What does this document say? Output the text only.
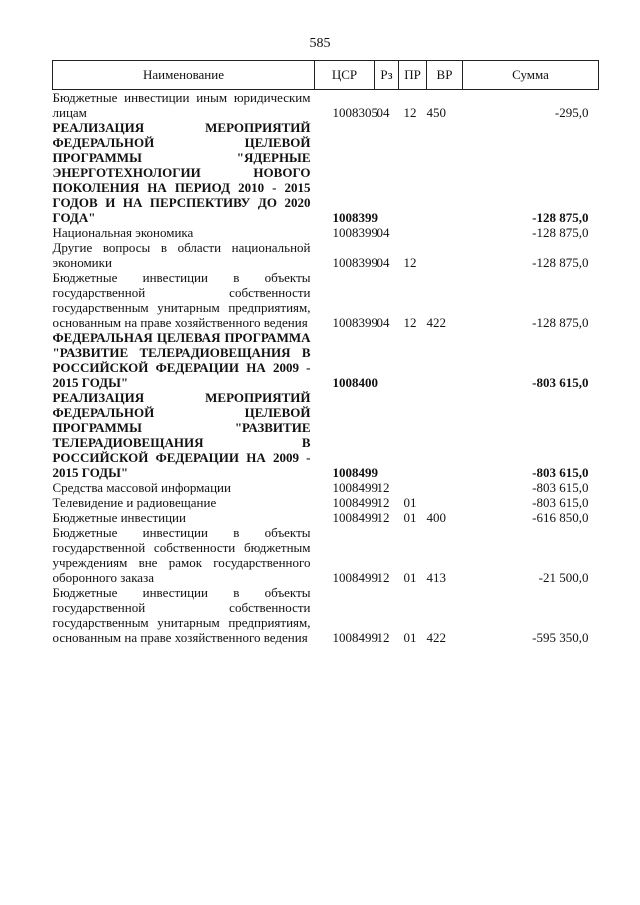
585
Наименование	ЦСР	Рз	ПР	ВР	Сумма

Бюджетные инвестиции иным юридическим лицам	1008305	04	12	450	-295,0

РЕАЛИЗАЦИЯ МЕРОПРИЯТИЙ ФЕДЕРАЛЬНОЙ ЦЕЛЕВОЙ ПРОГРАММЫ "ЯДЕРНЫЕ ЭНЕРГОТЕХНОЛОГИИ НОВОГО ПОКОЛЕНИЯ НА ПЕРИОД 2010 - 2015 ГОДОВ И НА ПЕРСПЕКТИВУ ДО 2020 ГОДА"	1008399				-128 875,0

Национальная экономика	1008399	04			-128 875,0

Другие вопросы в области национальной экономики	1008399	04	12		-128 875,0

Бюджетные инвестиции в объекты государственной собственности государственным унитарным предприятиям, основанным на праве хозяйственного ведения	1008399	04	12	422	-128 875,0

ФЕДЕРАЛЬНАЯ ЦЕЛЕВАЯ ПРОГРАММА "РАЗВИТИЕ ТЕЛЕРАДИОВЕЩАНИЯ В РОССИЙСКОЙ ФЕДЕРАЦИИ НА 2009 - 2015 ГОДЫ"	1008400				-803 615,0

РЕАЛИЗАЦИЯ МЕРОПРИЯТИЙ ФЕДЕРАЛЬНОЙ ЦЕЛЕВОЙ ПРОГРАММЫ "РАЗВИТИЕ ТЕЛЕРАДИОВЕЩАНИЯ В РОССИЙСКОЙ ФЕДЕРАЦИИ НА 2009 - 2015 ГОДЫ"	1008499				-803 615,0

Средства массовой информации	1008499	12			-803 615,0

Телевидение и радиовещание	1008499	12	01		-803 615,0

Бюджетные инвестиции	1008499	12	01	400	-616 850,0

Бюджетные инвестиции в объекты государственной собственности бюджетным учреждениям вне рамок государственного оборонного заказа	1008499	12	01	413	-21 500,0

Бюджетные инвестиции в объекты государственной собственности государственным унитарным предприятиям, основанным на праве хозяйственного ведения	1008499	12	01	422	-595 350,0
